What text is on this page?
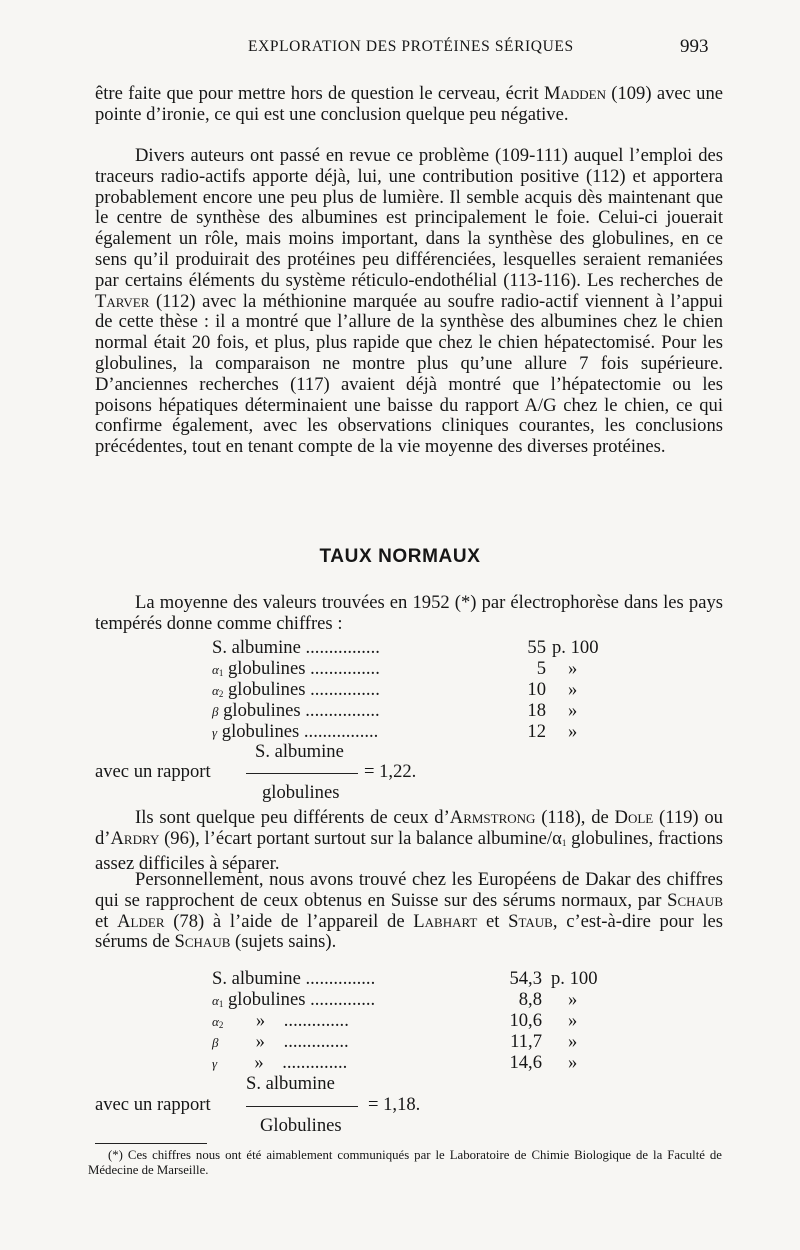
EXPLORATION DES PROTÉINES SÉRIQUES	993

être faite que pour mettre hors de question le cerveau, écrit Madden (109) avec une pointe d’ironie, ce qui est une conclusion quelque peu négative.

Divers auteurs ont passé en revue ce problème (109-111) auquel l’emploi des traceurs radio-actifs apporte déjà, lui, une contribution positive (112) et apportera probablement encore une peu plus de lumière. Il semble acquis dès maintenant que le centre de synthèse des albumines est principalement le foie. Celui-ci jouerait également un rôle, mais moins important, dans la synthèse des globulines, en ce sens qu’il produirait des protéines peu différenciées, lesquelles seraient remaniées par certains éléments du système réticulo-endothélial (113-116). Les recherches de Tarver (112) avec la méthionine marquée au soufre radio-actif viennent à l’appui de cette thèse : il a montré que l’allure de la synthèse des albumines chez le chien normal était 20 fois, et plus, plus rapide que chez le chien hépatectomisé. Pour les globulines, la comparaison ne montre plus qu’une allure 7 fois supérieure. D’anciennes recherches (117) avaient déjà montré que l’hépatectomie ou les poisons hépatiques déterminaient une baisse du rapport A/G chez le chien, ce qui confirme également, avec les observations cliniques courantes, les conclusions précédentes, tout en tenant compte de la vie moyenne des diverses protéines.

TAUX NORMAUX

La moyenne des valeurs trouvées en 1952 (*) par électrophorèse dans les pays tempérés donne comme chiffres :

S. albumine ................	55 p. 100
$\alpha_1$ globulines ...............	5 »
$\alpha_2$ globulines ...............	10 »
β globulines ................	18 »
γ globulines ................	12 »
S. albumine
avec un rapport	= 1,22.
globulines

Ils sont quelque peu différents de ceux d’Armstrong (118), de Dole (119) ou d’Ardry (96), l’écart portant surtout sur la balance albumine/$\alpha_1$ globulines, fractions assez difficiles à séparer.

Personnellement, nous avons trouvé chez les Européens de Dakar des chiffres qui se rapprochent de ceux obtenus en Suisse sur des sérums normaux, par Schaub et Alder (78) à l’aide de l’appareil de Labhart et Staub, c’est-à-dire pour les sérums de Schaub (sujets sains).

S. albumine ...............	54,3 p. 100
$\alpha_1$ globulines ..............	8,8 »
$\alpha_2$       » ..............	10,6 »
β        » ..............	11,7 »
γ        » ..............	14,6 »
S. albumine
avec un rapport	= 1,18.
Globulines

(*) Ces chiffres nous ont été aimablement communiqués par le Laboratoire de Chimie Biologique de la Faculté de Médecine de Marseille.
